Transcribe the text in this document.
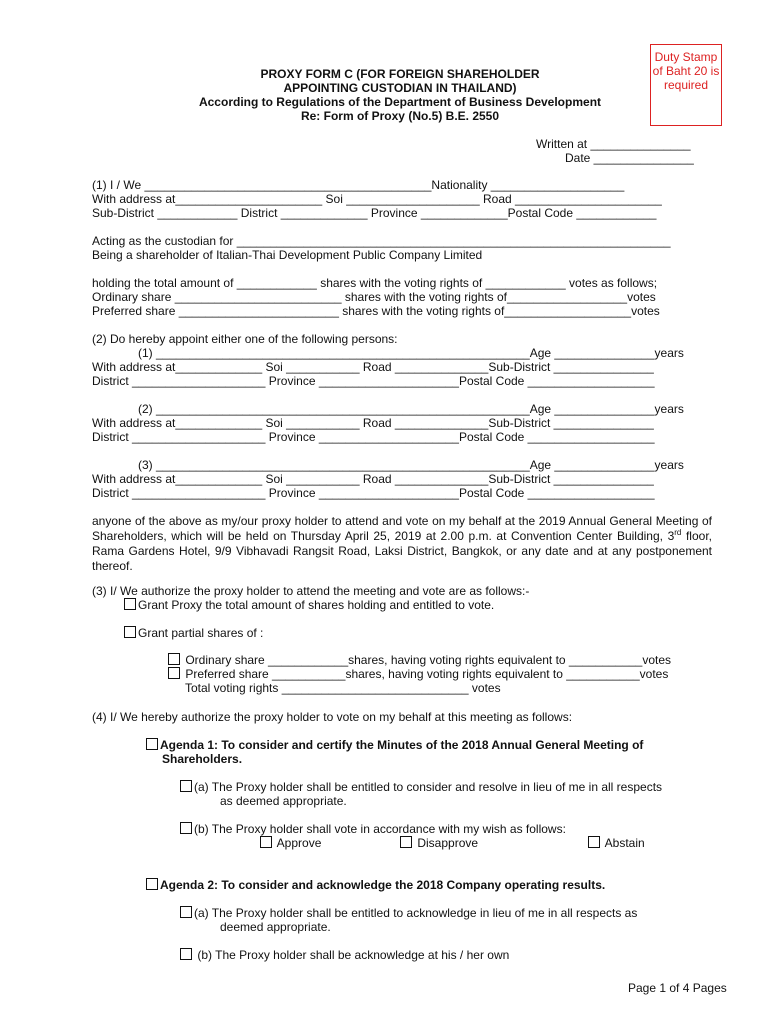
Duty Stamp of Baht 20 is required
PROXY FORM C (FOR FOREIGN SHAREHOLDER
APPOINTING CUSTODIAN IN THAILAND)
According to Regulations of the Department of Business Development
Re: Form of Proxy (No.5) B.E. 2550
Written at _______________
Date _______________
(1) I / We ___________________________________________Nationality ____________________
With address at______________________ Soi ____________________ Road ______________________
Sub-District ____________ District _____________ Province _____________Postal Code ____________
Acting as the custodian for _________________________________________________________________
Being a shareholder of Italian-Thai Development Public Company Limited
holding the total amount of ____________ shares with the voting rights of ____________ votes as follows;
Ordinary share _________________________ shares with the voting rights of__________________votes
Preferred share ________________________ shares with the voting rights of___________________votes
(2) Do hereby appoint either one of the following persons:
(1) ________________________________________________________Age _______________years
With address at_____________ Soi ___________ Road ______________Sub-District _______________
District ____________________ Province _____________________Postal Code ___________________
(2) ________________________________________________________Age _______________years
With address at_____________ Soi ___________ Road ______________Sub-District _______________
District ____________________ Province _____________________Postal Code ___________________
(3) ________________________________________________________Age _______________years
With address at_____________ Soi ___________ Road ______________Sub-District _______________
District ____________________ Province _____________________Postal Code ___________________
anyone of the above as my/our proxy holder to attend and vote on my behalf at the 2019 Annual General Meeting of Shareholders, which will be held on Thursday April 25, 2019 at 2.00 p.m. at Convention Center Building, 3rd floor, Rama Gardens Hotel, 9/9 Vibhavadi Rangsit Road, Laksi District, Bangkok, or any date and at any postponement thereof.
(3) I/ We authorize the proxy holder to attend the meeting and vote are as follows:-
Grant Proxy the total amount of shares holding and entitled to vote.
Grant partial shares of :
Ordinary share ____________shares, having voting rights equivalent to ___________votes
Preferred share ___________shares, having voting rights equivalent to ___________votes
Total voting rights ____________________________ votes
(4) I/ We hereby authorize the proxy holder to vote on my behalf at this meeting as follows:
Agenda 1: To consider and certify the Minutes of the 2018 Annual General Meeting of
Shareholders.
(a) The Proxy holder shall be entitled to consider and resolve in lieu of me in all respects
as deemed appropriate.
(b) The Proxy holder shall vote in accordance with my wish as follows:
Approve	Disapprove	Abstain
Agenda 2: To consider and acknowledge the 2018 Company operating results.
(a) The Proxy holder shall be entitled to acknowledge in lieu of me in all respects as
deemed appropriate.
(b) The Proxy holder shall be acknowledge at his / her own
Page 1 of 4 Pages
